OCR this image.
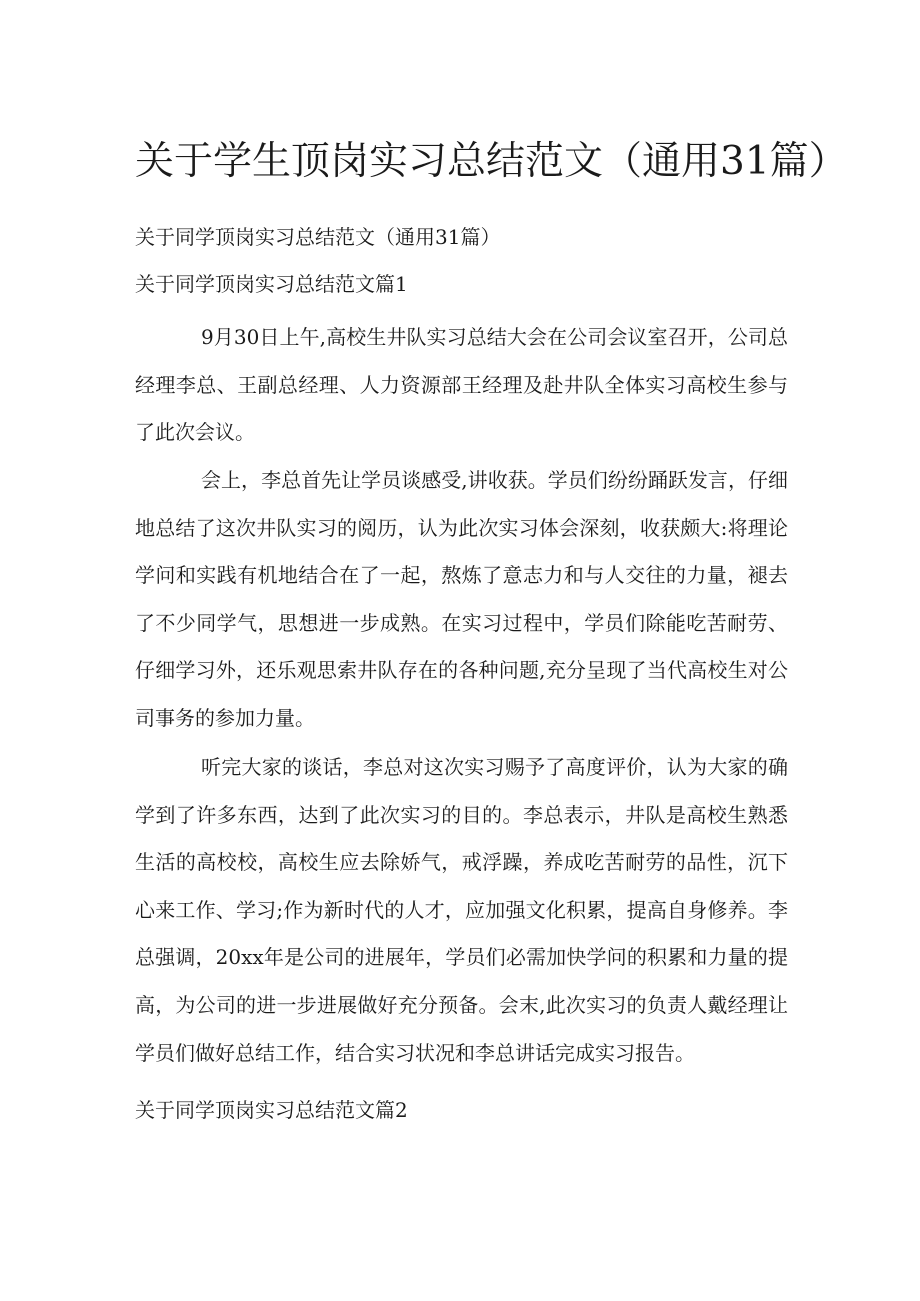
关于学生顶岗实习总结范文（通用31篇）

关于同学顶岗实习总结范文（通用31篇）

关于同学顶岗实习总结范文篇1

9月30日上午,高校生井队实习总结大会在公司会议室召开，公司总经理李总、王副总经理、人力资源部王经理及赴井队全体实习高校生参与了此次会议。

会上，李总首先让学员谈感受,讲收获。学员们纷纷踊跃发言，仔细地总结了这次井队实习的阅历，认为此次实习体会深刻，收获颇大:将理论学问和实践有机地结合在了一起，熬炼了意志力和与人交往的力量，褪去了不少同学气，思想进一步成熟。在实习过程中，学员们除能吃苦耐劳、仔细学习外，还乐观思索井队存在的各种问题,充分呈现了当代高校生对公司事务的参加力量。

听完大家的谈话，李总对这次实习赐予了高度评价，认为大家的确学到了许多东西，达到了此次实习的目的。李总表示，井队是高校生熟悉生活的高校校，高校生应去除娇气，戒浮躁，养成吃苦耐劳的品性，沉下心来工作、学习;作为新时代的人才，应加强文化积累，提高自身修养。李总强调，20xx年是公司的进展年，学员们必需加快学问的积累和力量的提高，为公司的进一步进展做好充分预备。会末,此次实习的负责人戴经理让学员们做好总结工作，结合实习状况和李总讲话完成实习报告。

关于同学顶岗实习总结范文篇2
